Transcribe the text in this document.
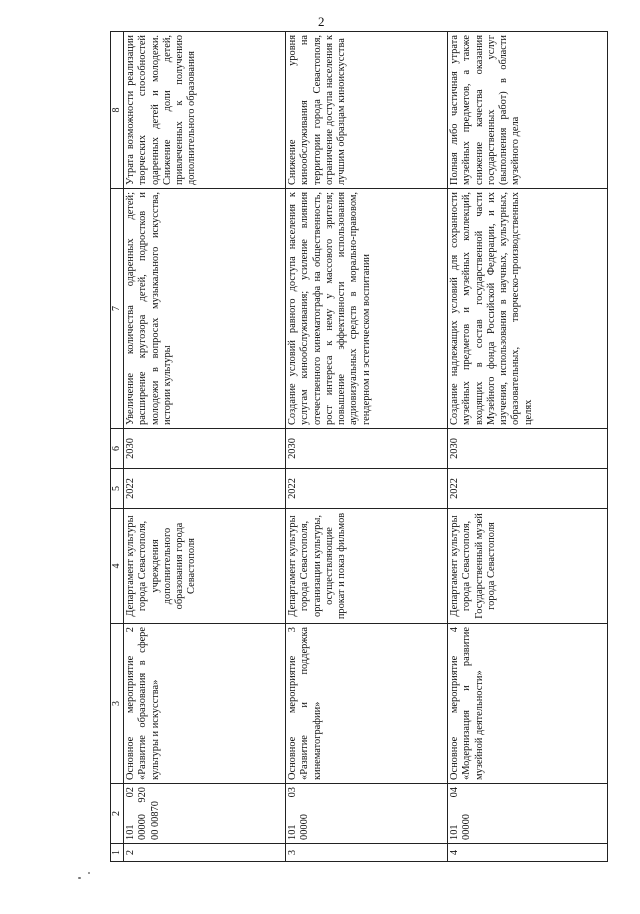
2
1	2	3	4	5	6	7	8
2	101 02 00000 920 00 00870	Основное мероприятие 2 «Развитие образования в сфере культуры и искусства»	Департамент культуры города Севастополя, учреждения дополнительного образования города Севастополя	2022	2030	Увеличение количества одаренных детей; расширение кругозора детей, подростков и молодежи в вопросах музыкального искусства, истории культуры	Утрата возможности реализации творческих способностей одаренных детей и молодежи. Снижение доли детей, привлеченных к получению дополнительного образования
3	101 03 00000	Основное мероприятие 3 «Развитие и поддержка кинематографии»	Департамент культуры города Севастополя, организации культуры, осуществляющие прокат и показ фильмов	2022	2030	Создание условий равного доступа населения к услугам кинообслуживания; усиление влияния отечественного кинематографа на общественность, рост интереса к нему у массового зрителя; повышение эффективности использования аудиовизуальных средств в морально-правовом, гендерном и эстетическом воспитании	Снижение уровня кинообслуживания на территории города Севастополя, ограничение доступа населения к лучшим образцам киноискусства
4	101 04 00000	Основное мероприятие 4 «Модернизация и развитие музейной деятельности»	Департамент культуры города Севастополя, Государственный музей города Севастополя	2022	2030	Создание надлежащих условий для сохранности музейных предметов и музейных коллекций, входящих в состав государственной части Музейного фонда Российской Федерации, и их изучения, использования в научных, культурных, образовательных, творческо-производственных целях	Полная либо частичная утрата музейных предметов, а также снижение качества оказания государственных услуг (выполнения работ) в области музейного дела
